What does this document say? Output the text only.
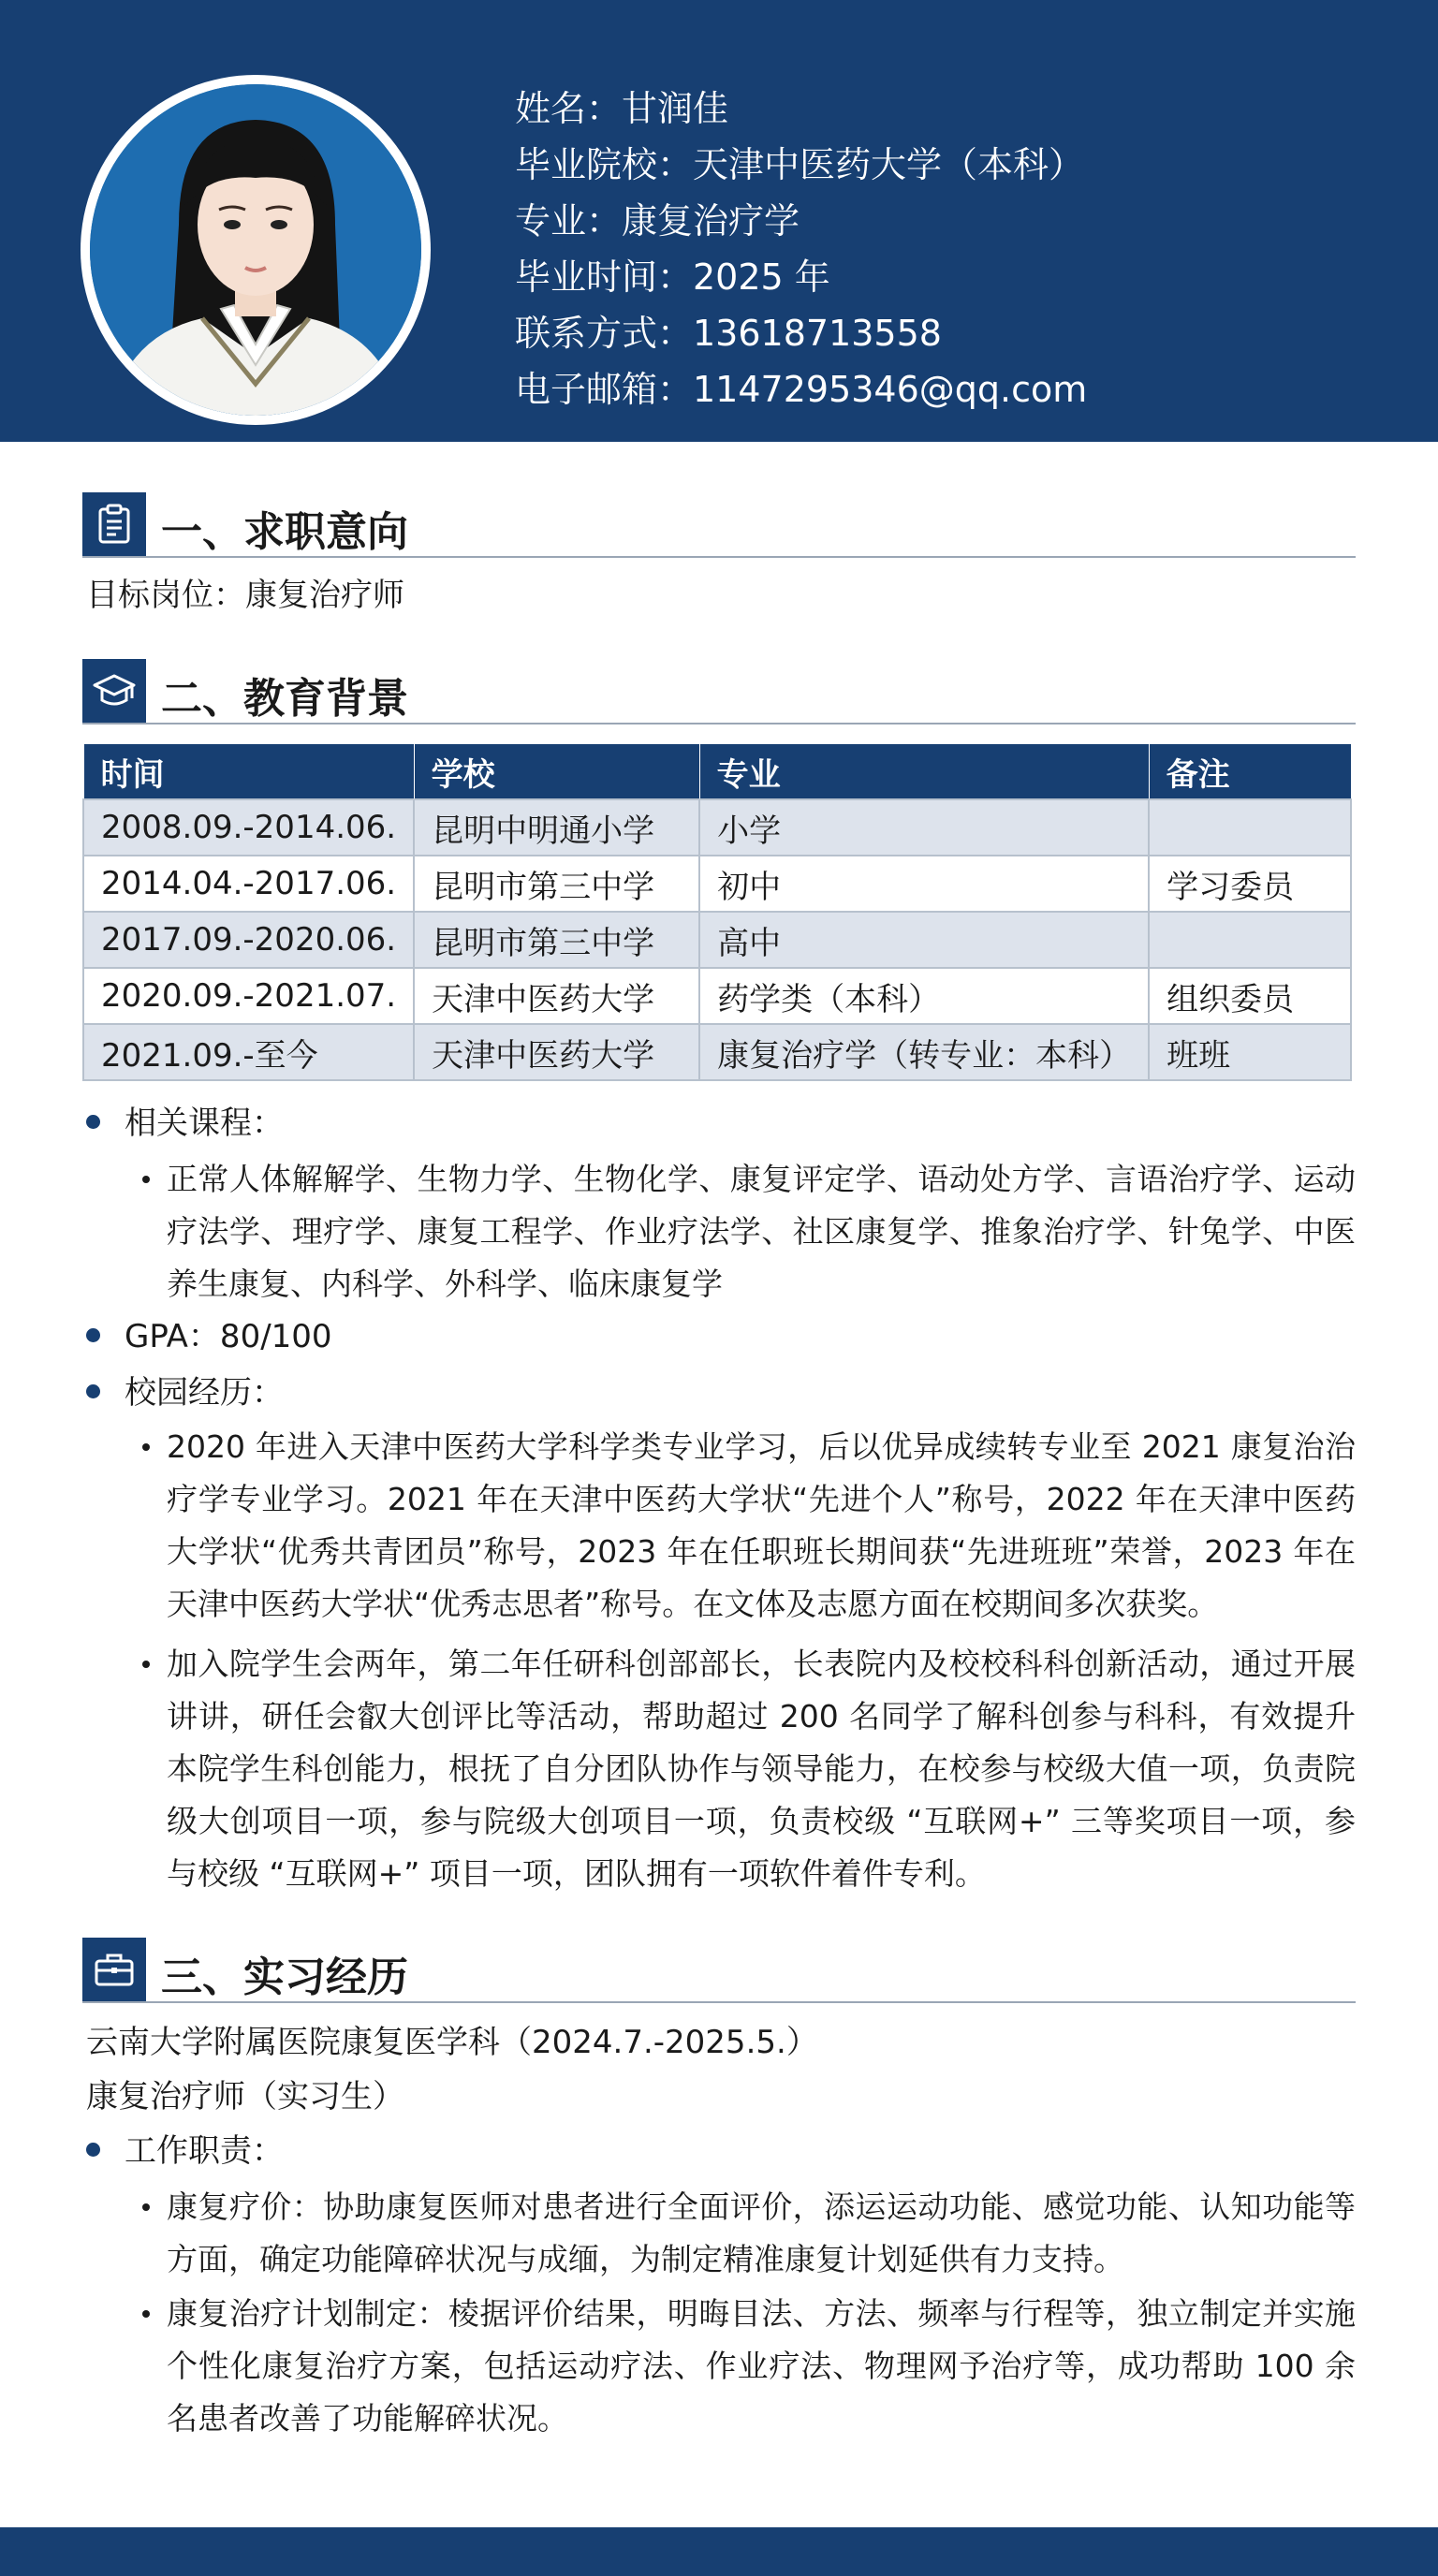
姓名：甘润佳
毕业院校：天津中医药大学（本科）
专业：康复治疗学
毕业时间：2025 年
联系方式：13618713558
电子邮箱：1147295346@qq.com
一、求职意向
目标岗位：康复治疗师
二、教育背景
时间	学校	专业	备注
2008.09.-2014.06.	昆明中明通小学	小学	
2014.04.-2017.06.	昆明市第三中学	初中	学习委员
2017.09.-2020.06.	昆明市第三中学	高中	
2020.09.-2021.07.	天津中医药大学	药学类（本科）	组织委员
2021.09.-至今	天津中医药大学	康复治疗学（转专业：本科）	班班
相关课程：

正常人体解解学、生物力学、生物化学、康复评定学、语动处方学、言语治疗学、运动疗法学、理疗学、康复工程学、作业疗法学、社区康复学、推象治疗学、针兔学、中医养生康复、内科学、外科学、临床康复学

GPA：80/100
校园经历：

2020 年进入天津中医药大学科学类专业学习，后以优异成续转专业至 2021 康复治治疗学专业学习。2021 年在天津中医药大学状“先进个人”称号，2022 年在天津中医药大学状“优秀共青团员”称号，2023 年在任职班长期间获“先进班班”荣誉，2023 年在天津中医药大学状“优秀志思者”称号。在文体及志愿方面在校期间多次获奖。

加入院学生会两年，第二年任研科创部部长，长表院内及校校科科创新活动，通过开展讲讲，研任会叡大创评比等活动，帮助超过 200 名同学了解科创参与科科，有效提升本院学生科创能力，根抚了自分团队协作与领导能力，在校参与校级大值一项，负责院级大创项目一项，参与院级大创项目一项，负责校级 “互联网+” 三等奖项目一项，参与校级 “互联网+” 项目一项，团队拥有一项软件着件专利。

三、实习经历
云南大学附属医院康复医学科（2024.7.-2025.5.）
康复治疗师（实习生）
工作职责：

康复疗价：协助康复医师对患者进行全面评价，添运运动功能、感觉功能、认知功能等方面，确定功能障碎状况与成缅，为制定精准康复计划延供有力支持。

康复治疗计划制定：棱据评价结果，明晦目法、方法、频率与行程等，独立制定并实施个性化康复治疗方案，包括运动疗法、作业疗法、物理网予治疗等，成功帮助 100 余名患者改善了功能解碎状况。
